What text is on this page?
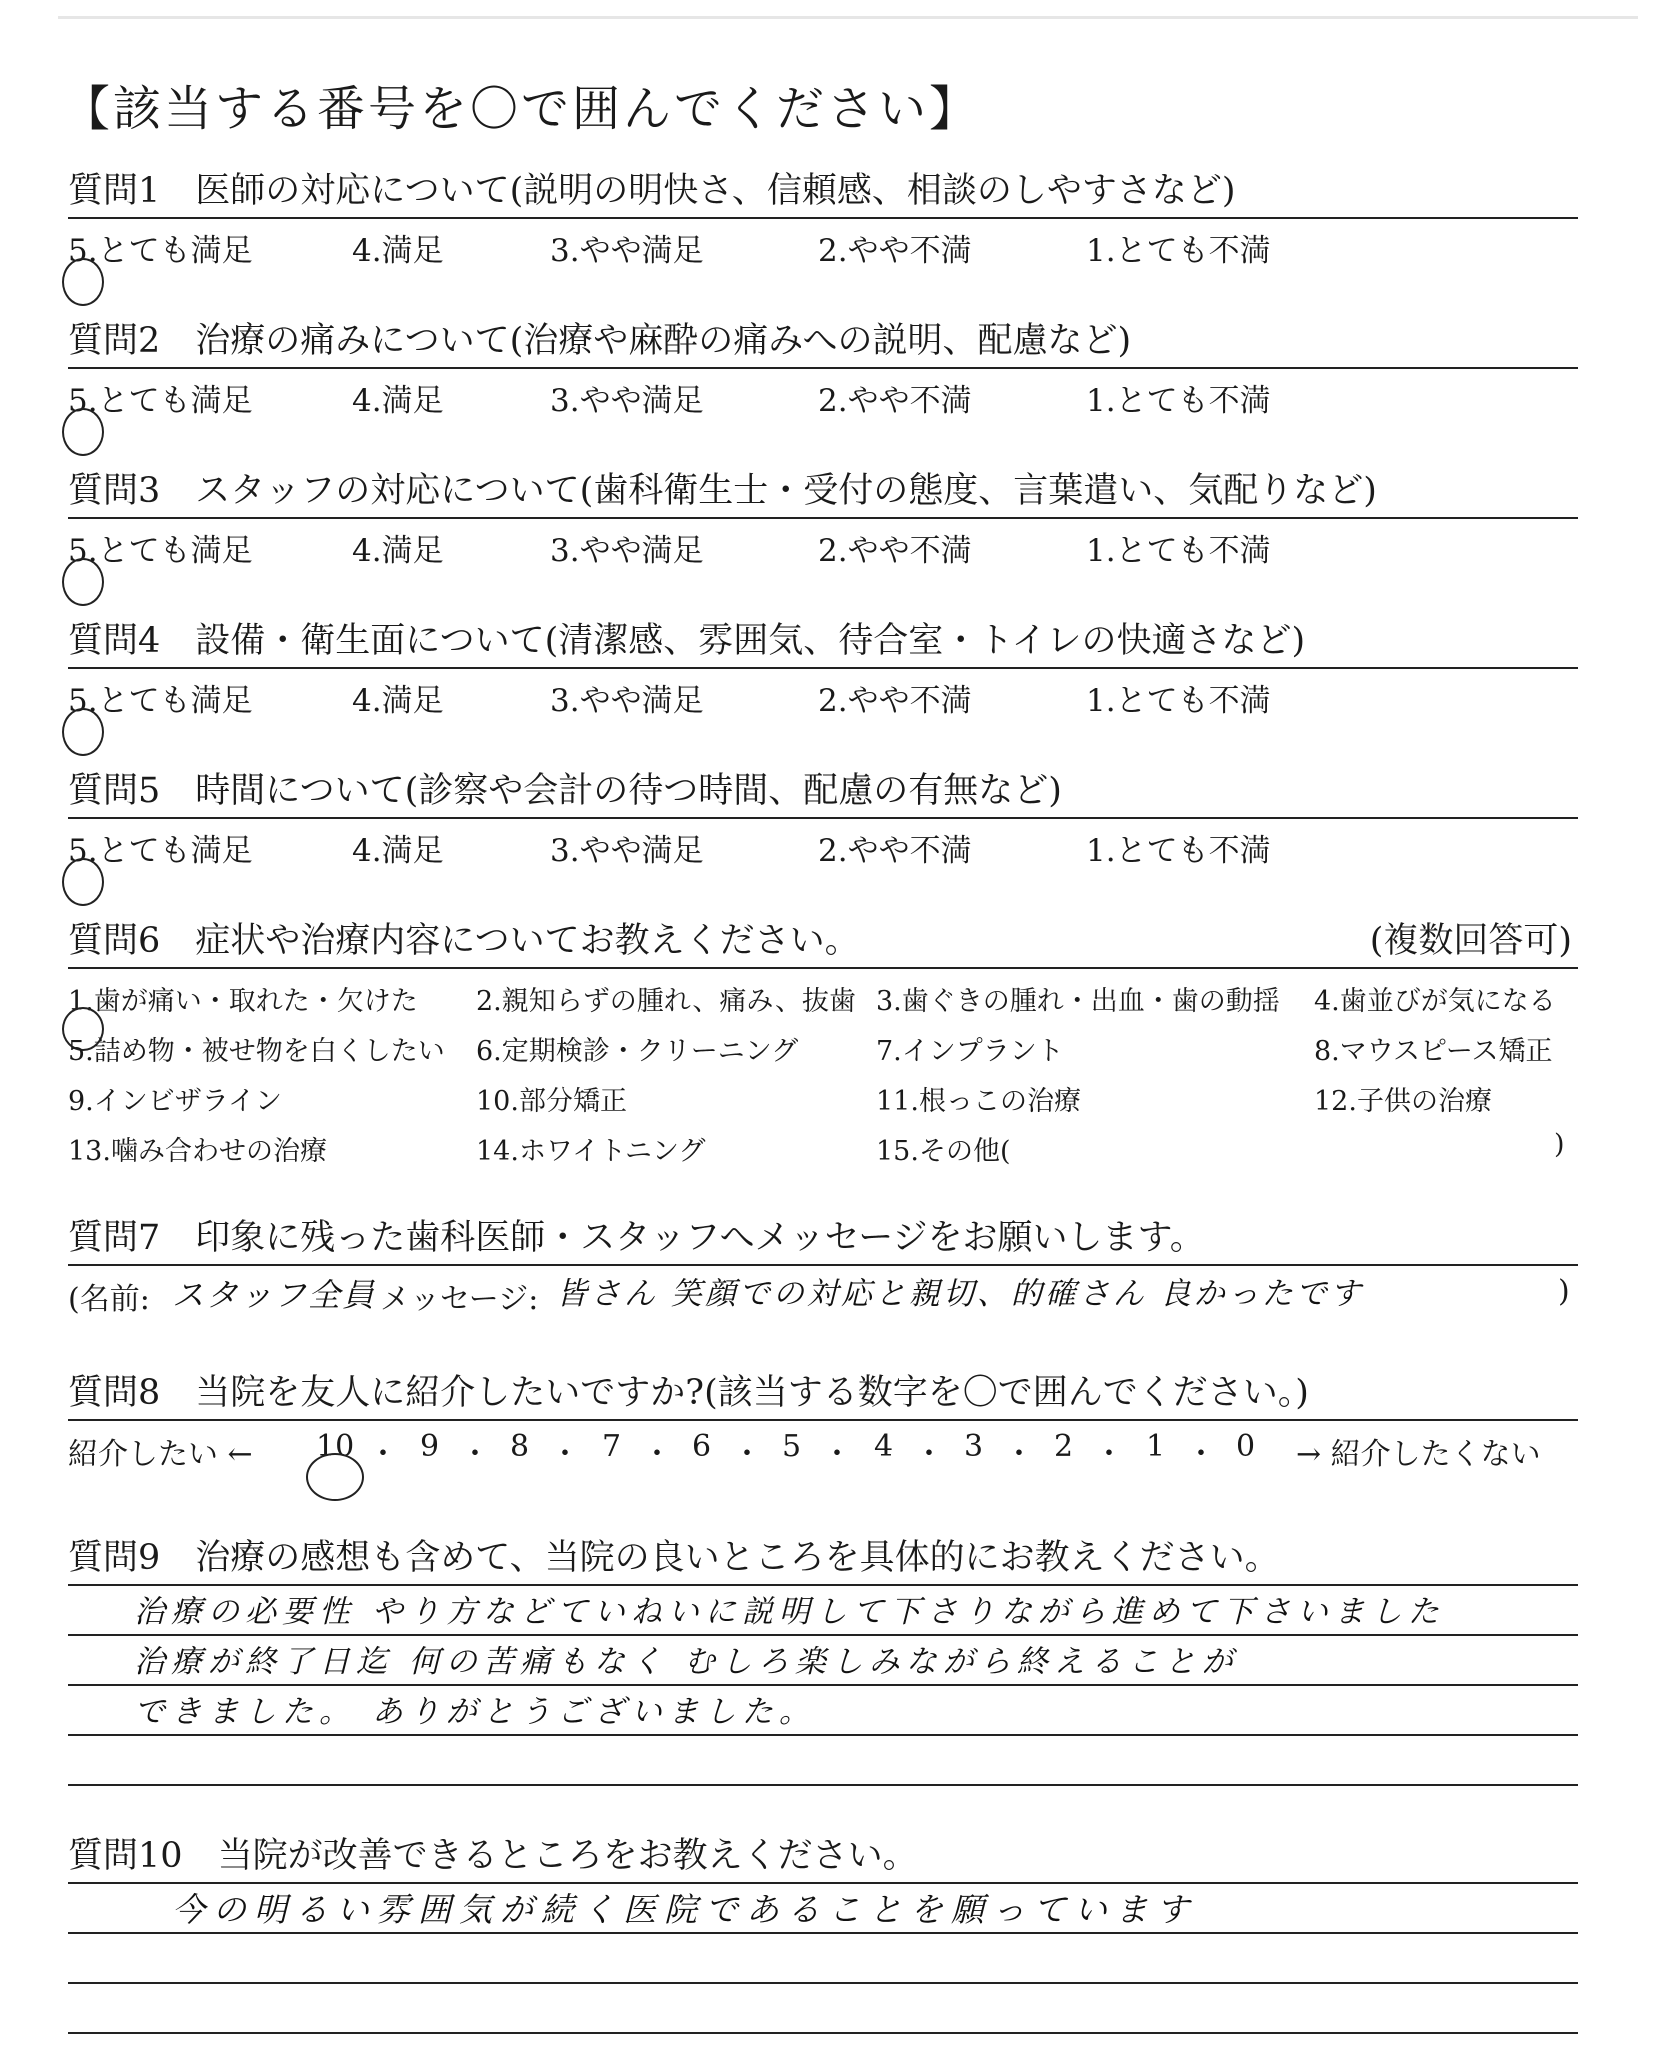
【該当する番号を〇で囲んでください】
質問1　 医師の対応について(説明の明快さ、信頼感、相談のしやすさなど)
5.とても満足	4.満足	3.やや満足	2.やや不満	1.とても不満
質問2　 治療の痛みについて(治療や麻酔の痛みへの説明、配慮など)
5.とても満足	4.満足	3.やや満足	2.やや不満	1.とても不満
質問3　 スタッフの対応について(歯科衛生士・受付の態度、言葉遣い、気配りなど)
5.とても満足	4.満足	3.やや満足	2.やや不満	1.とても不満
質問4　 設備・衛生面について(清潔感、雰囲気、待合室・トイレの快適さなど)
5.とても満足	4.満足	3.やや満足	2.やや不満	1.とても不満
質問5　 時間について(診察や会計の待つ時間、配慮の有無など)
5.とても満足	4.満足	3.やや満足	2.やや不満	1.とても不満
質問6　 症状や治療内容についてお教えください。	(複数回答可)
1.歯が痛い・取れた・欠けた 2.親知らずの腫れ、痛み、抜歯 3.歯ぐきの腫れ・出血・歯の動揺 4.歯並びが気になる
5.詰め物・被せ物を白くしたい 6.定期検診・クリーニング	7.インプラント	8.マウスピース矯正
9.インビザライン	10.部分矯正	11.根っこの治療	12.子供の治療
13.噛み合わせの治療	14.ホワイトニング	15.その他(	)
質問7　 印象に残った歯科医師・スタッフへメッセージをお願いします。
(名前: スタッフ全員 メッセージ: 皆さん 笑顔での対応と親切、的確さん 良かったです	)
質問8　 当院を友人に紹介したいですか?(該当する数字を〇で囲んでください。)
紹介したい ← 10 ・ 9 ・ 8 ・ 7 ・ 6 ・ 5 ・ 4 ・ 3 ・ 2 ・ 1 ・ 0 → 紹介したくない
質問9　 治療の感想も含めて、当院の良いところを具体的にお教えください。
治療の必要性 やり方などていねいに説明して下さりながら進めて下さいました
治療が終了日迄 何の苦痛もなく むしろ楽しみながら終えることが
できました。 ありがとうございました。
質問10　 当院が改善できるところをお教えください。
今の明るい雰囲気が続く医院であることを願っています
